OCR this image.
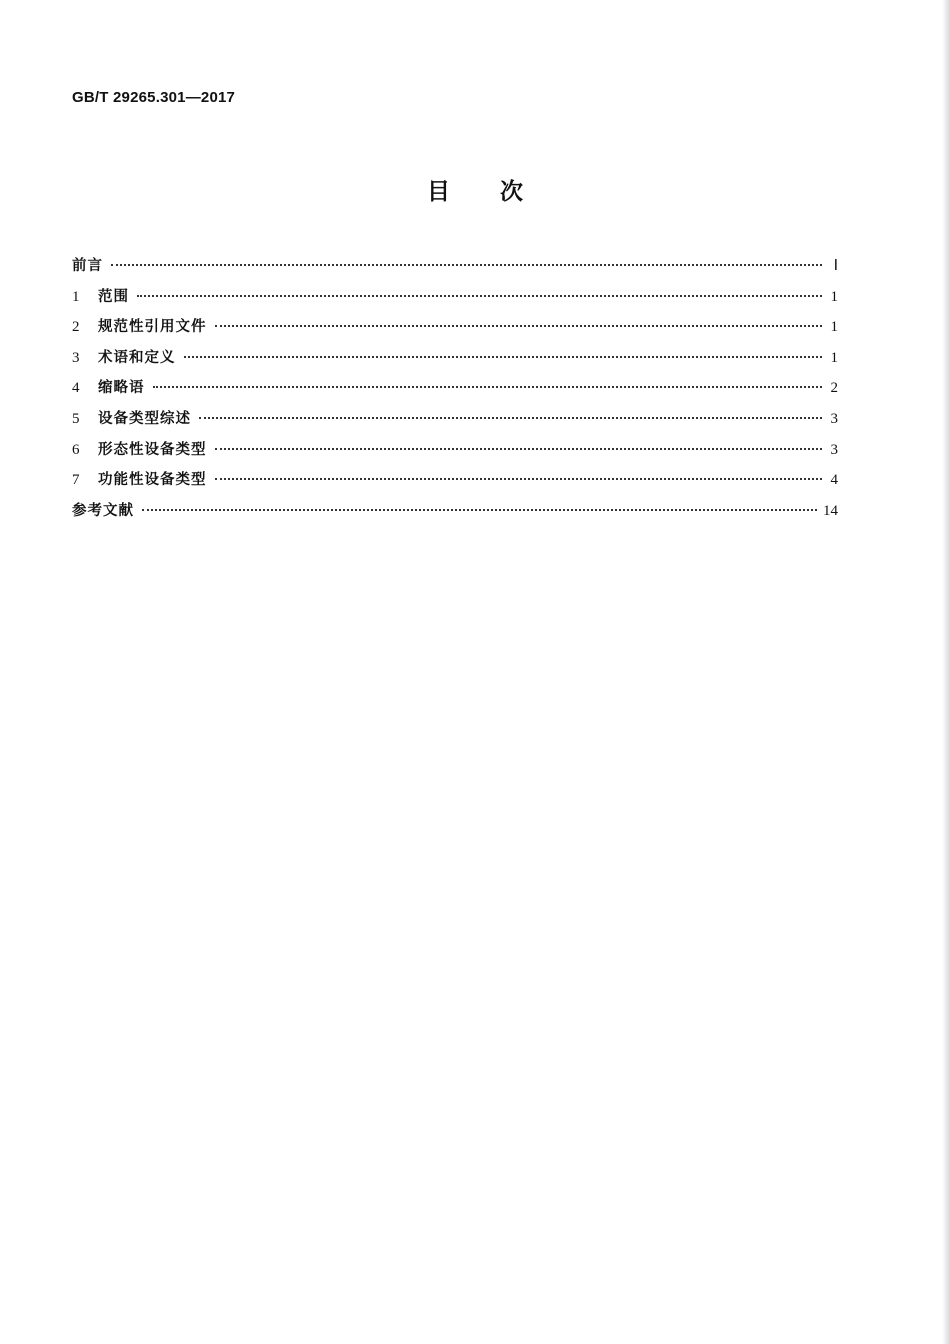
GB/T 29265.301—2017
目次
前言	Ⅰ
1	范围	1
2	规范性引用文件	1
3	术语和定义	1
4	缩略语	2
5	设备类型综述	3
6	形态性设备类型	3
7	功能性设备类型	4
参考文献	14
